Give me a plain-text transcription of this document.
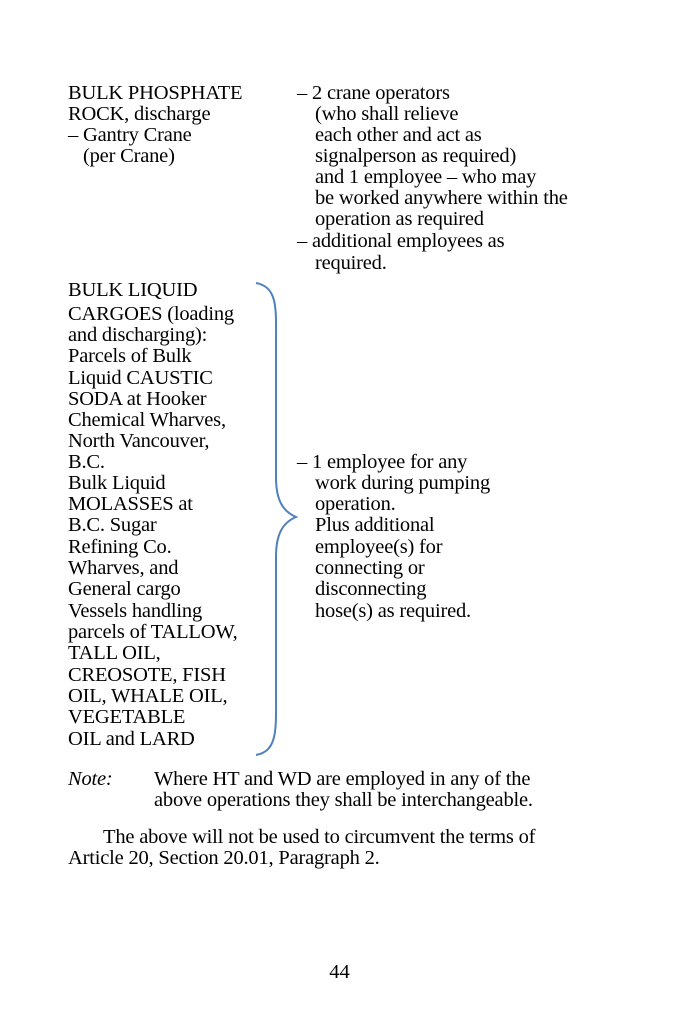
BULK PHOSPHATE
ROCK, discharge
– Gantry Crane
(per Crane)
– 2 crane operators
(who shall relieve
each other and act as
signalperson as required)
and 1 employee – who may
be worked anywhere within the
operation as required
– additional employees as
required.
BULK LIQUID
CARGOES (loading
and discharging):
Parcels of Bulk
Liquid CAUSTIC
SODA at Hooker
Chemical Wharves,
North Vancouver,
B.C.
Bulk Liquid
MOLASSES at
B.C. Sugar
Refining Co.
Wharves, and
General cargo
Vessels handling
parcels of TALLOW,
TALL OIL,
CREOSOTE, FISH
OIL, WHALE OIL,
VEGETABLE
OIL and LARD
– 1 employee for any
work during pumping
operation.
Plus additional
employee(s) for
connecting or
disconnecting
hose(s) as required.
Note: Where HT and WD are employed in any of the
above operations they shall be interchangeable.
The above will not be used to circumvent the terms of
Article 20, Section 20.01, Paragraph 2.
44
